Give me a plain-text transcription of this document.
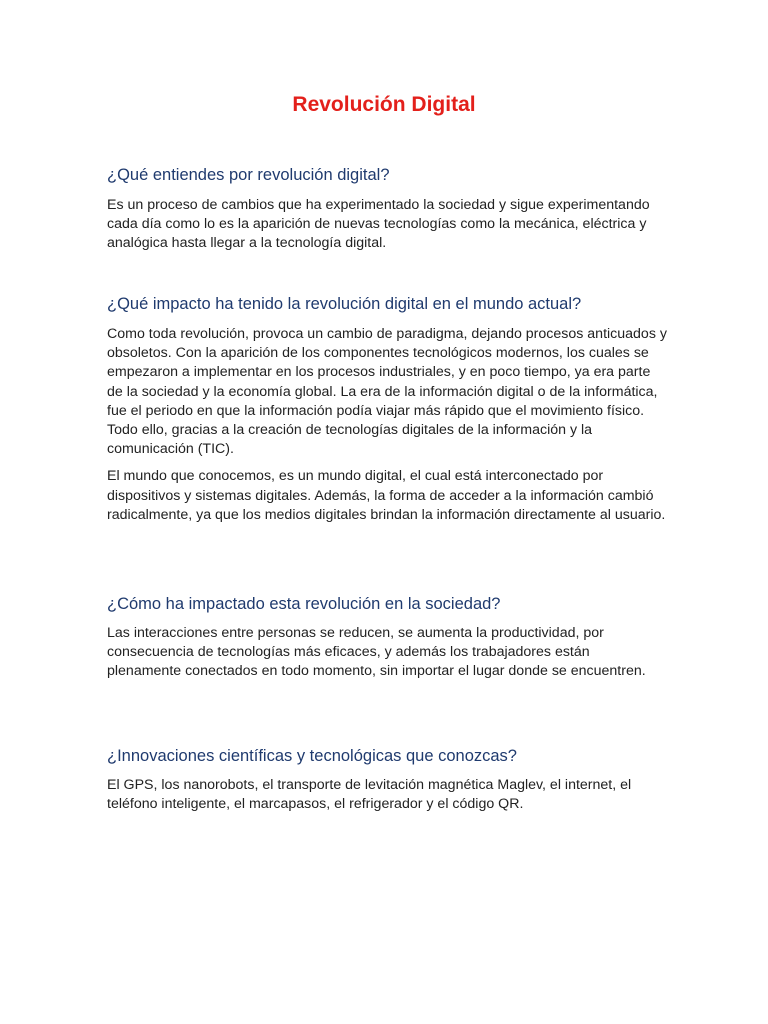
Revolución Digital
¿Qué entiendes por revolución digital?

Es un proceso de cambios que ha experimentado la sociedad y sigue experimentando cada día como lo es la aparición de nuevas tecnologías como la mecánica, eléctrica y analógica hasta llegar a la tecnología digital.

¿Qué impacto ha tenido la revolución digital en el mundo actual?

Como toda revolución, provoca un cambio de paradigma, dejando procesos anticuados y obsoletos. Con la aparición de los componentes tecnológicos modernos, los cuales se empezaron a implementar en los procesos industriales, y en poco tiempo, ya era parte de la sociedad y la economía global. La era de la información digital o de la informática, fue el periodo en que la información podía viajar más rápido que el movimiento físico. Todo ello, gracias a la creación de tecnologías digitales de la información y la comunicación (TIC).

El mundo que conocemos, es un mundo digital, el cual está interconectado por dispositivos y sistemas digitales. Además, la forma de acceder a la información cambió radicalmente, ya que los medios digitales brindan la información directamente al usuario.

¿Cómo ha impactado esta revolución en la sociedad?

Las interacciones entre personas se reducen, se aumenta la productividad, por consecuencia de tecnologías más eficaces, y además los trabajadores están plenamente conectados en todo momento, sin importar el lugar donde se encuentren.

¿Innovaciones científicas y tecnológicas que conozcas?

El GPS, los nanorobots, el transporte de levitación magnética Maglev, el internet, el teléfono inteligente, el marcapasos, el refrigerador y el código QR.
